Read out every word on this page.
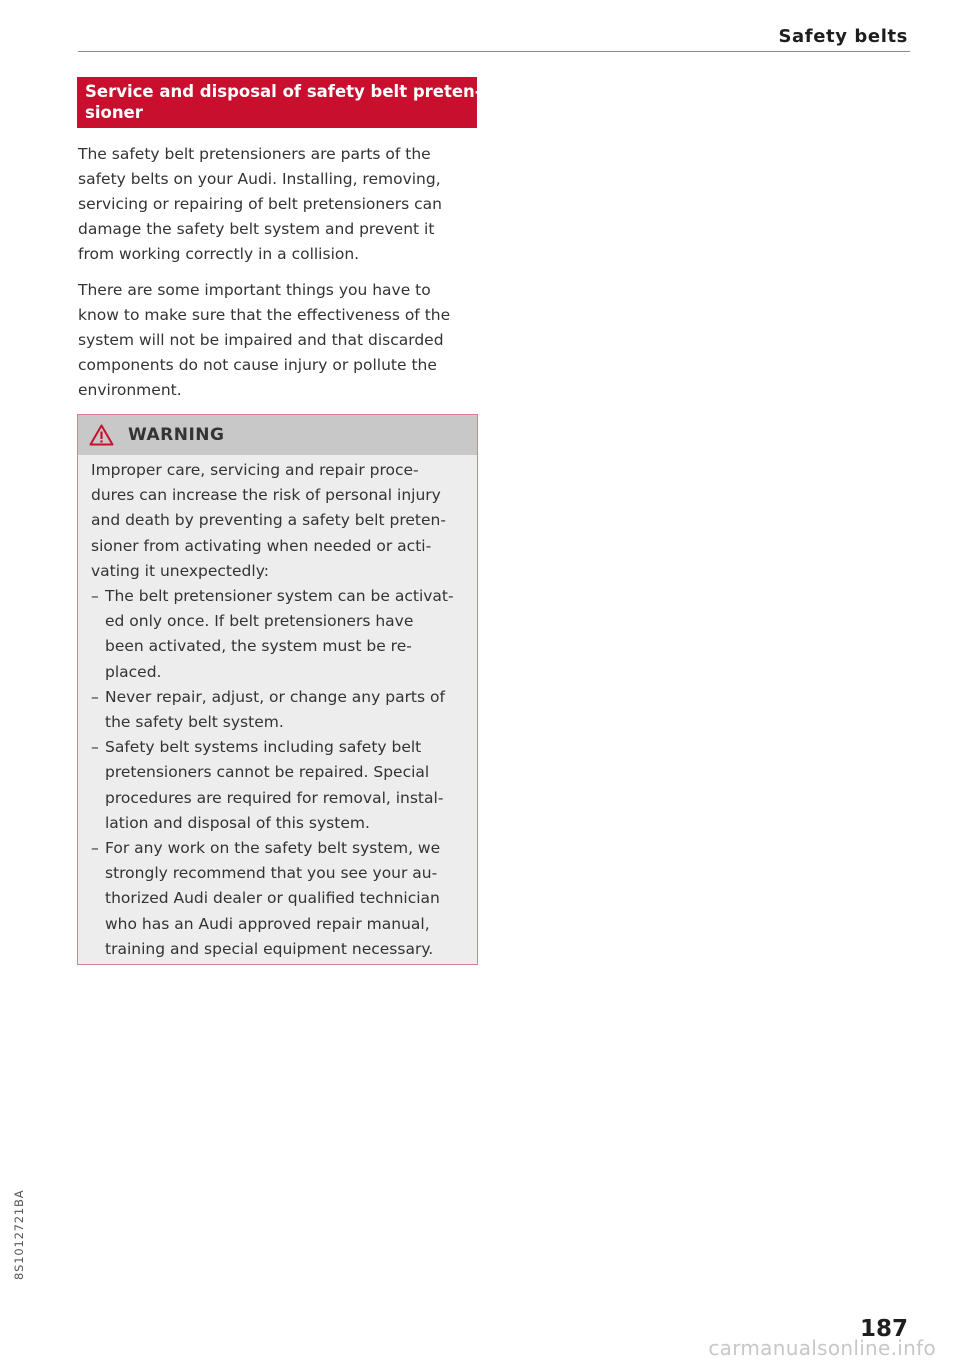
Safety belts
Service and disposal of safety belt preten-
sioner
The safety belt pretensioners are parts of the
safety belts on your Audi. Installing, removing,
servicing or repairing of belt pretensioners can
damage the safety belt system and prevent it
from working correctly in a collision.
There are some important things you have to
know to make sure that the effectiveness of the
system will not be impaired and that discarded
components do not cause injury or pollute the
environment.
WARNING
Improper care, servicing and repair proce-
dures can increase the risk of personal injury
and death by preventing a safety belt preten-
sioner from activating when needed or acti-
vating it unexpectedly:
– The belt pretensioner system can be activat-
ed only once. If belt pretensioners have
been activated, the system must be re-
placed.
– Never repair, adjust, or change any parts of
the safety belt system.
– Safety belt systems including safety belt
pretensioners cannot be repaired. Special
procedures are required for removal, instal-
lation and disposal of this system.
– For any work on the safety belt system, we
strongly recommend that you see your au-
thorized Audi dealer or qualified technician
who has an Audi approved repair manual,
training and special equipment necessary.
8S1012721BA
187
carmanualsonline.info
